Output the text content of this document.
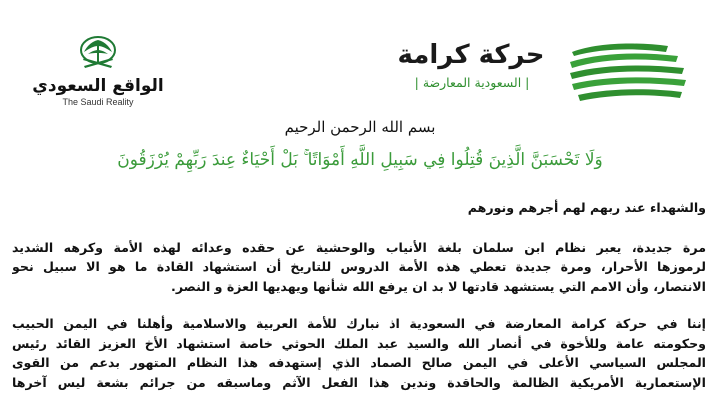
الواقع السعودي
The Saudi Reality
حركة كرامة
| السعودية المعارضة |
بسم الله الرحمن الرحيم
وَلَا تَحْسَبَنَّ الَّذِينَ قُتِلُوا فِي سَبِيلِ اللَّهِ أَمْوَاتًا ۚ بَلْ أَحْيَاءٌ عِندَ رَبِّهِمْ يُرْزَقُونَ
والشهداء عند ربهم لهم أجرهم ونورهم
مرة جديدة، يعبر نظام ابن سلمان بلغة الأنياب والوحشية عن حقده وعدائه لهذه الأمة وكرهه الشديد
لرموزها الأحرار، ومرة جديدة تعطي هذه الأمة الدروس للتاريخ أن استشهاد القادة ما هو الا سبيل نحو
الانتصار، وأن الامم التي يستشهد قادتها لا بد ان يرفع الله شأنها ويهديها العزة و النصر.
إننا في حركة كرامة المعارضة في السعودية اذ نبارك للأمة العربية والاسلامية وأهلنا في اليمن الحبيب
وحكومته عامة وللأخوة في أنصار الله والسيد عبد الملك الحوثي خاصة استشهاد الأخ العزيز القائد رئيس
المجلس السياسي الأعلى في اليمن صالح الصماد الذي إستهدفه هذا النظام المتهور بدعم من القوى
الإستعمارية الأمريكية الظالمة والحاقدة وندين هذا الفعل الآثم وماسبقه من جرائم بشعة ليس آخرها
